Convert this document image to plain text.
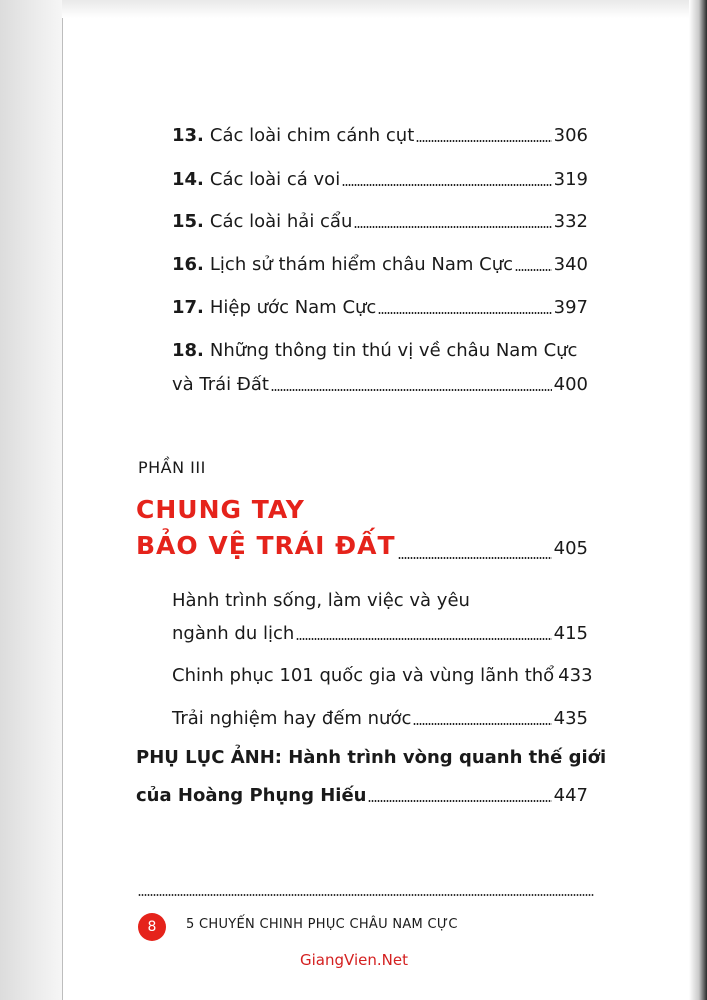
13. Các loài chim cánh cụt	306
14. Các loài cá voi	319
15. Các loài hải cẩu	332
16. Lịch sử thám hiểm châu Nam Cực 340
17. Hiệp ước Nam Cực	397
18. Những thông tin thú vị về châu Nam Cực
và Trái Đất	400
PHẦN III
CHUNG TAY
BẢO VỆ TRÁI ĐẤT	405
Hành trình sống, làm việc và yêu
ngành du lịch	415
Chinh phục 101 quốc gia và vùng lãnh thổ 433
Trải nghiệm hay đếm nước	435
PHỤ LỤC ẢNH: Hành trình vòng quanh thế giới
của Hoàng Phụng Hiếu	447
8 5 CHUYẾN CHINH PHỤC CHÂU NAM CỰC
GiangVien.Net
